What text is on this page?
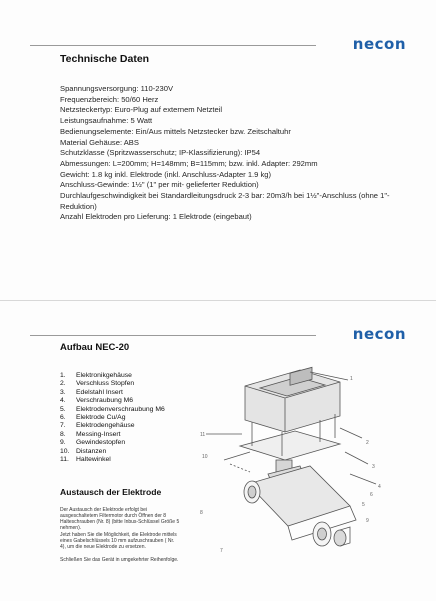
necon
Technische Daten
Spannungsversorgung: 110-230V
Frequenzbereich: 50/60 Herz
Netzsteckertyp: Euro-Plug auf externem Netzteil
Leistungsaufnahme: 5 Watt
Bedienungselemente: Ein/Aus mittels Netzstecker bzw. Zeitschaltuhr
Material Gehäuse: ABS
Schutzklasse (Spritzwasserschutz; IP-Klassifizierung): IP54
Abmessungen: L=200mm; H=148mm; B=115mm; bzw. inkl. Adapter: 292mm
Gewicht: 1.8 kg inkl. Elektrode (inkl. Anschluss-Adapter 1.9 kg)
Anschluss-Gewinde: 1½" (1" per mit- gelieferter Reduktion)
Durchlaufgeschwindigkeit bei Standardleitungsdruck 2-3 bar: 20m3/h bei 1½"-Anschluss (ohne 1"-
Reduktion)
Anzahl Elektroden pro Lieferung: 1 Elektrode (eingebaut)
necon
Aufbau NEC-20
1. Elektronikgehäuse
2. Verschluss Stopfen
3. Edelstahl Insert
4. Verschraubung M6
5. Elektrodenverschraubung M6
6. Elektrode Cu/Ag
7. Elektrodengehäuse
8. Messing-Insert
9. Gewindestopfen
10. Distanzen
11. Haltewinkel
Austausch der Elektrode

Der Austausch der Elektrode erfolgt bei ausgeschaltetem Filtermotor durch Öffnen der 8 Halteschrauben (Nr. 8) (bitte Inbus-Schlüssel Größe 5 nehmen).

Jetzt haben Sie die Möglichkeit, die Elektrode mittels eines Gabelschlüssels 10 mm aufzuschrauben ( Nr. 4), um die neue Elektrode zu ersetzen.

Schließen Sie das Gerät in umgekehrter Reihenfolge.

1
2
3
4
5
6
7
8
9
10
11
